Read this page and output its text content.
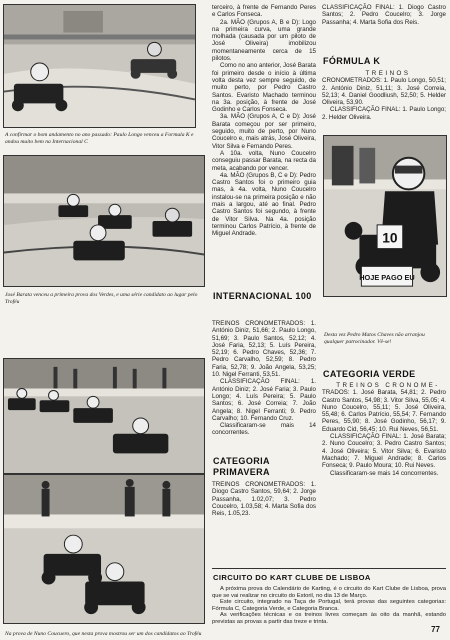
A confirmar o bom andamento no ano passado: Paulo Longo venceu a Formula K e andou muito bem na Internacional C
José Barata venceu a primeira prova dos Verdes, e uma série candidato ao lugar pelo Troféu
Na prova de Nuno Coucuero, que nesta prova mostrou ser um dos candidatos ao Troféu

terceiro, à frente de Fernando Peres e Carlos Fonseca.

2a. MÃO (Grupos A, B e D): Logo na primeira curva, uma grande molhada (causada por um piloto de José Oliveira) imobilizou momentaneamente cerca de 15 pilotos.

Como no ano anterior, José Barata foi primeiro desde o início à última volta desta vez sempre seguido, de muito perto, por Pedro Castro Santos. Evaristo Machado terminou na 3a. posição, à frente de José Godinho e Carlos Fonseca.

3a. MÃO (Grupos A, C e D): José Barata começou por ser primeiro, seguido, muito de perto, por Nuno Coucelro e, mais atrás, José Oliveira, Vitor Silva e Fernando Peres.

A 10a. volta, Nuno Coucelro conseguiu passar Barata, na recta da meta, acabando por vencer.

4a. MÃO (Grupos B, C e D): Pedro Castro Santos foi o primeiro guia mas, à 4a. volta, Nuno Coucelro instalou-se na primeira posição e não mais a largou, até ao final. Pedro Castro Santos foi segundo, à frente de Vitor Silva. Na 4a. posição terminou Carlos Patrício, à frente de Miguel Andrade.

INTERNACIONAL 100

TREINOS CRONOMETRADOS: 1. António Diniz, 51,66; 2. Paulo Longo, 51,69; 3. Paulo Santos, 52,12; 4. José Faria, 52,13; 5. Luís Pereira, 52,19; 6. Pedro Chaves, 52,36; 7. Pedro Carvalho, 52,59; 8. Pedro Faria, 52,78; 9. João Angela, 53,25; 10. Nigel Ferranti, 53,51.

CLASSIFICAÇÃO FINAL: 1. António Diniz; 2. José Faria; 3. Paulo Longo; 4. Luís Pereira; 5. Paulo Santos; 6. José Correia; 7. João Angela; 8. Nigel Ferranti; 9. Pedro Carvalho; 10. Fernando Cruz.

Classificaram-se mais 14 concorrentes.

CATEGORIA PRIMAVERA

TREINOS CRONOMETRADOS: 1. Diogo Castro Santos, 59,64; 2. Jorge Passanha, 1.02,07; 3. Pedro Coucelro, 1.03,58; 4. Marta Sofia dos Reis, 1.05,23.

CLASSIFICAÇÃO FINAL: 1. Diogo Castro Santos; 2. Pedro Coucelro; 3. Jorge Passanha; 4. Marta Sofia dos Reis.

FÓRMULA K

TREINOS

CRONOMETRADOS: 1. Paulo Longo, 50,51; 2. António Diniz, 51,11; 3. José Correia, 52,13; 4. Daniel Goodliush, 52,50; 5. Helder Oliveira, 53,90.

CLASSIFICAÇÃO FINAL: 1. Paulo Longo; 2. Helder Oliveira.

10
HOJE PAGO EU
Desta vez Pedro Matos Chaves não arranjou qualquer patrocinador. Vê-se!
CATEGORIA VERDE

TREINOS CRONOME-

TRADOS: 1. José Barata, 54,81; 2. Pedro Castro Santos, 54,98; 3. Vitor Silva, 55,05; 4. Nuno Coucelro, 55,11; 5. José Oliveira, 55,48; 6. Carlos Patrício, 55,54; 7. Fernando Peres, 55,90; 8. José Godinho, 56,17; 9. Eduardo Cid, 56,45; 10. Rui Neves, 56,51.

CLASSIFICAÇÃO FINAL: 1. José Barata; 2. Nuno Coucelro; 3. Pedro Castro Santos; 4. José Oliveira; 5. Vitor Silva; 6. Evaristo Machado; 7. Miguel Andrade; 8. Carlos Fonseca; 9. Paulo Moura; 10. Rui Neves.

Classificaram-se mais 14 concorrentes.

CIRCUITO DO KART CLUBE DE LISBOA

A próxima prova do Calendário de Karting, é o circuito do Kart Clube de Lisboa, prova que se vai realizar no circuito do Estoril, no dia 13 de Março.

Este circuito, integrado na Taça de Portugal, terá provas das seguintes categorias: Fórmula C, Categoria Verde, e Categoria Branca.

As verificações técnicas e os treinos livres começam às oito da manhã, estando previstas as provas a partir das treze e trinta.

77
